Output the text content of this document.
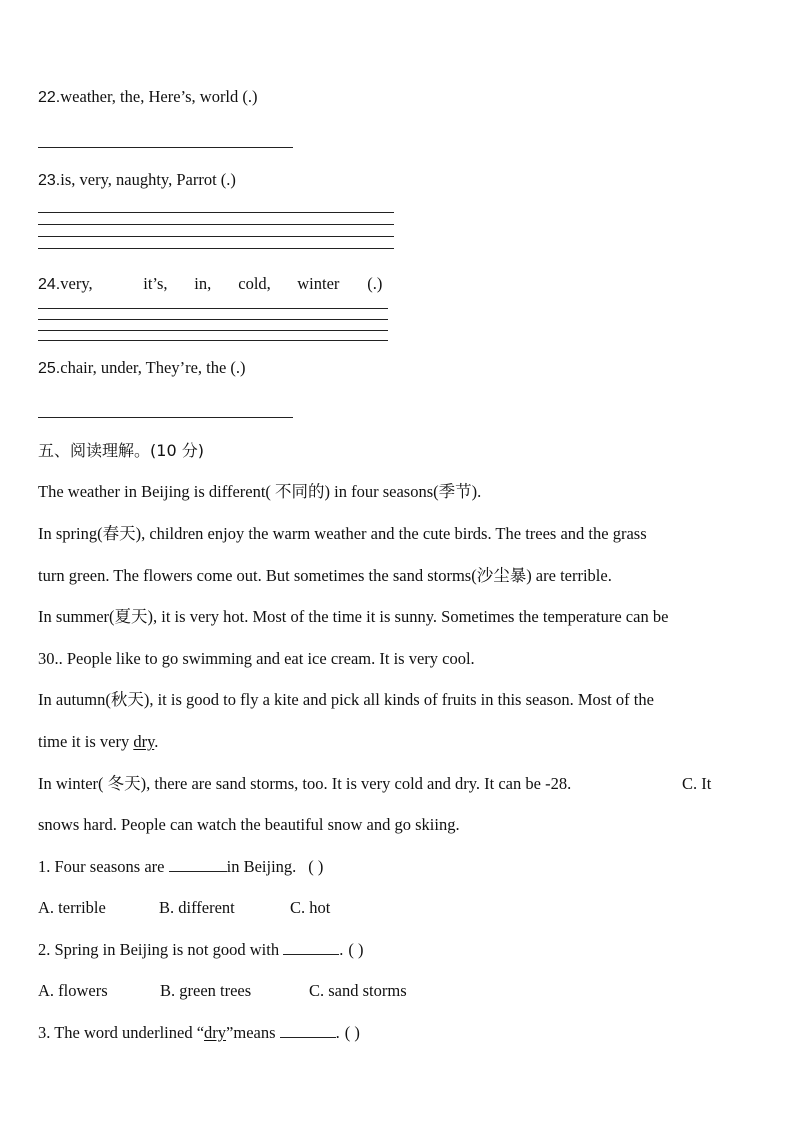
22.weather, the, Here’s, world (.)
23.is, very, naughty, Parrot (.)
24.very,	it’s, in, cold, winter (.)
25.chair, under, They’re, the (.)
五、阅读理解。(10 分)
The weather in Beijing is different( 不同的) in four seasons(季节).
In spring(春天), children enjoy the warm weather and the cute birds. The trees and the grass
turn green. The flowers come out. But sometimes the sand storms(沙尘暴) are terrible.
In summer(夏天), it is very hot. Most of the time it is sunny. Sometimes the temperature can be
30.. People like to go swimming and eat ice cream. It is very cool.
In autumn(秋天), it is good to fly a kite and pick all kinds of fruits in this season. Most of the
time it is very dry.
In winter( 冬天), there are sand storms, too. It is very cold and dry. It can be -28.	C. It
snows hard. People can watch the beautiful snow and go skiing.
1. Four seasons are	in Beijing. ( )
A. terrible	B. different	C. hot
2. Spring in Beijing is not good with	. ( )
A. flowers	B. green trees	C. sand storms
3. The word underlined “dry”means	. ( )
